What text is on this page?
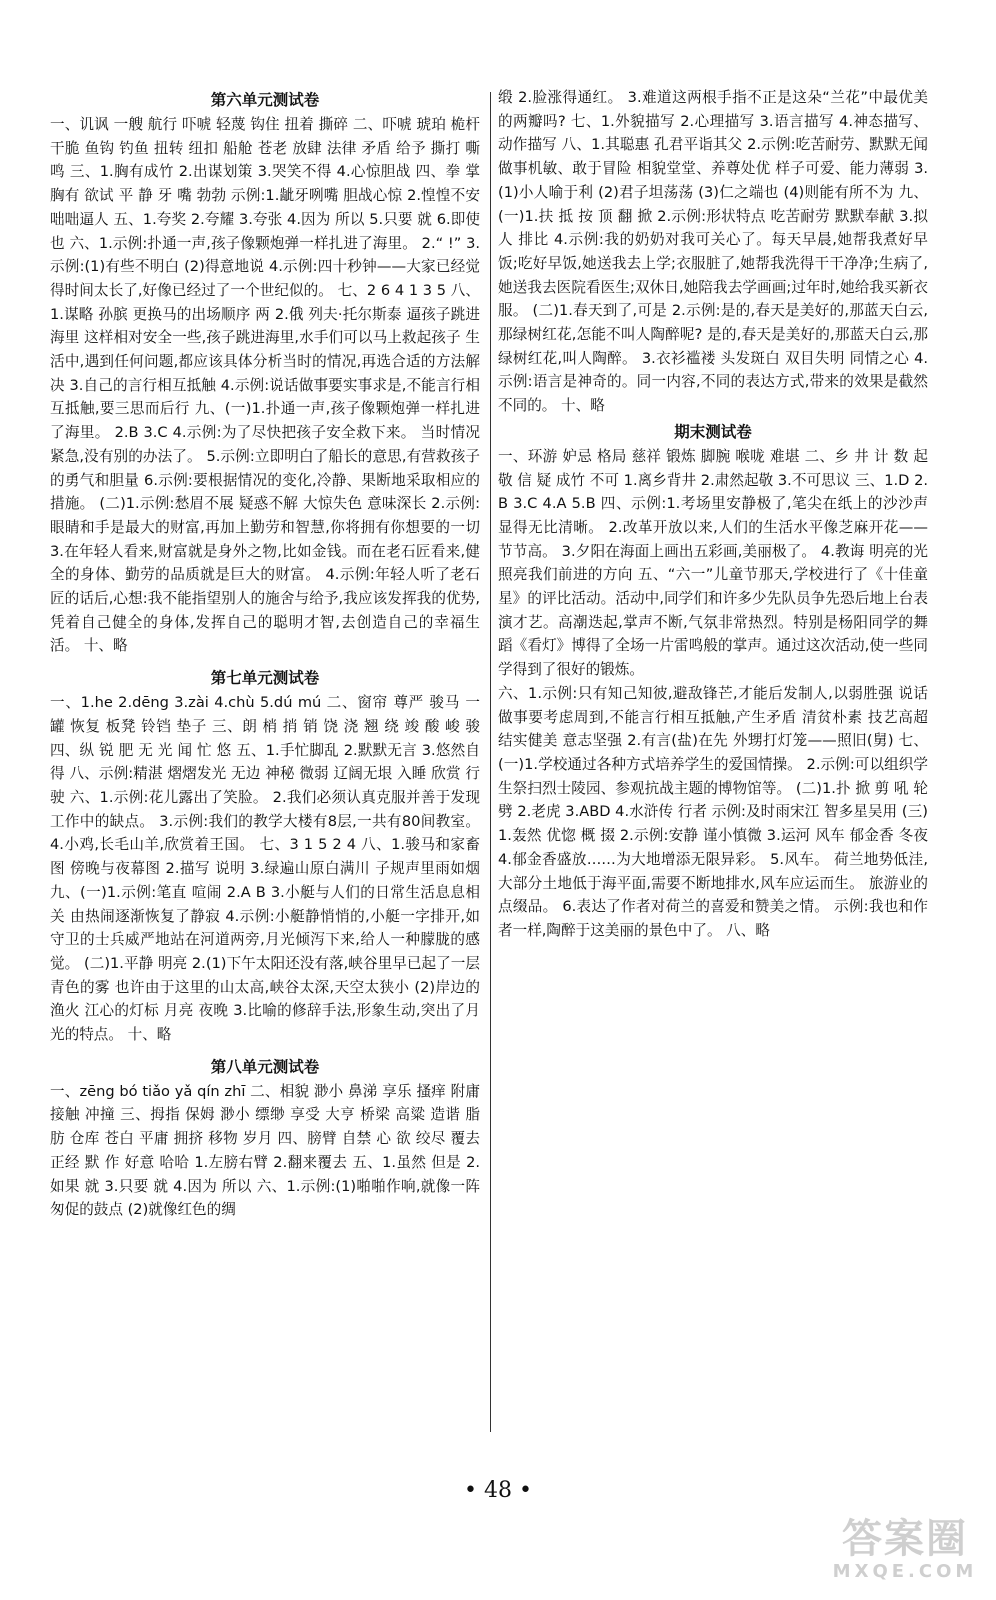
第六单元测试卷

一、讥讽 一艘 航行 吓唬 轻蔑 钩住 扭着 撕碎 二、吓唬 琥珀 桅杆 干脆 鱼钩 钓鱼 扭转 纽扣 船舱 苍老 放肆 法律 矛盾 给予 撕打 嘶鸣 三、1.胸有成竹 2.出谋划策 3.哭笑不得 4.心惊胆战 四、拳 掌 胸有 欲试 平 静 牙 嘴 勃勃 示例:1.龇牙咧嘴 胆战心惊 2.惶惶不安 咄咄逼人 五、1.夸奖 2.夸耀 3.夸张 4.因为 所以 5.只要 就 6.即使 也 六、1.示例:扑通一声,孩子像颗炮弹一样扎进了海里。 2.“ !” 3.示例:(1)有些不明白 (2)得意地说 4.示例:四十秒钟——大家已经觉得时间太长了,好像已经过了一个世纪似的。 七、2 6 4 1 3 5 八、1.谋略 孙膑 更换马的出场顺序 两 2.俄 列夫·托尔斯泰 逼孩子跳进海里 这样相对安全一些,孩子跳进海里,水手们可以马上救起孩子 生活中,遇到任何问题,都应该具体分析当时的情况,再选合适的方法解决 3.自己的言行相互抵触 4.示例:说话做事要实事求是,不能言行相互抵触,要三思而后行 九、(一)1.扑通一声,孩子像颗炮弹一样扎进了海里。 2.B 3.C 4.示例:为了尽快把孩子安全救下来。 当时情况紧急,没有别的办法了。 5.示例:立即明白了船长的意思,有营救孩子的勇气和胆量 6.示例:要根据情况的变化,冷静、果断地采取相应的措施。 (二)1.示例:愁眉不展 疑惑不解 大惊失色 意味深长 2.示例:眼睛和手是最大的财富,再加上勤劳和智慧,你将拥有你想要的一切 3.在年轻人看来,财富就是身外之物,比如金钱。而在老石匠看来,健全的身体、勤劳的品质就是巨大的财富。 4.示例:年轻人听了老石匠的话后,心想:我不能指望别人的施舍与给予,我应该发挥我的优势,凭着自己健全的身体,发挥自己的聪明才智,去创造自己的幸福生活。 十、略

第七单元测试卷

一、1.he 2.dēng 3.zài 4.chù 5.dú mú 二、窗帘 尊严 骏马 一罐 恢复 板凳 铃铛 垫子 三、朗 梢 捎 销 饶 浇 翘 绕 竣 酸 峻 骏 四、纵 锐 肥 无 光 闻 忙 悠 五、1.手忙脚乱 2.默默无言 3.悠然自得 八、示例:精湛 熠熠发光 无边 神秘 微弱 辽阔无垠 入睡 欣赏 行驶 六、1.示例:花儿露出了笑脸。 2.我们必须认真克服并善于发现工作中的缺点。 3.示例:我们的教学大楼有8层,一共有80间教室。 4.小鸡,长毛山羊,欣赏着王国。 七、3 1 5 2 4 八、1.骏马和家畜图 傍晚与夜幕图 2.描写 说明 3.绿遍山原白满川 子规声里雨如烟 九、(一)1.示例:笔直 喧闹 2.A B 3.小艇与人们的日常生活息息相关 由热闹逐渐恢复了静寂 4.示例:小艇静悄悄的,小艇一字排开,如守卫的士兵威严地站在河道两旁,月光倾泻下来,给人一种朦胧的感觉。 (二)1.平静 明亮 2.(1)下午太阳还没有落,峡谷里早已起了一层青色的雾 也许由于这里的山太高,峡谷太深,天空太狭小 (2)岸边的渔火 江心的灯标 月亮 夜晚 3.比喻的修辞手法,形象生动,突出了月光的特点。 十、略

第八单元测试卷

一、zēng bó tiǎo yǎ qín zhī 二、相貌 渺小 鼻涕 享乐 搔痒 附庸 接触 冲撞 三、拇指 保姆 渺小 缥缈 享受 大亨 桥梁 高粱 造谐 脂肪 仓库 苍白 平庸 拥挤 移物 岁月 四、膀臂 自禁 心 欲 绞尽 覆去 正经 默 作 好意 哈哈 1.左膀右臂 2.翻来覆去 五、1.虽然 但是 2.如果 就 3.只要 就 4.因为 所以 六、1.示例:(1)啪啪作响,就像一阵匆促的鼓点 (2)就像红色的绸

缎 2.脸涨得通红。 3.难道这两根手指不正是这朵“兰花”中最优美的两瓣吗? 七、1.外貌描写 2.心理描写 3.语言描写 4.神态描写、动作描写 八、1.其聪惠 孔君平诣其父 2.示例:吃苦耐劳、默默无闻 做事机敏、敢于冒险 相貌堂堂、养尊处优 样子可爱、能力薄弱 3.(1)小人喻于利 (2)君子坦荡荡 (3)仁之端也 (4)则能有所不为 九、(一)1.扶 抵 按 顶 翻 掀 2.示例:形状特点 吃苦耐劳 默默奉献 3.拟人 排比 4.示例:我的奶奶对我可关心了。每天早晨,她帮我煮好早饭;吃好早饭,她送我去上学;衣服脏了,她帮我洗得干干净净;生病了,她送我去医院看医生;双休日,她陪我去学画画;过年时,她给我买新衣服。 (二)1.春天到了,可是 2.示例:是的,春天是美好的,那蓝天白云,那绿树红花,怎能不叫人陶醉呢? 是的,春天是美好的,那蓝天白云,那绿树红花,叫人陶醉。 3.衣衫褴褛 头发斑白 双目失明 同情之心 4.示例:语言是神奇的。同一内容,不同的表达方式,带来的效果是截然不同的。 十、略

期末测试卷

一、环游 妒忌 格局 慈祥 锻炼 脚腕 喉咙 难堪 二、乡 井 计 数 起敬 信 疑 成竹 不可 1.离乡背井 2.肃然起敬 3.不可思议 三、1.D 2.B 3.C 4.A 5.B 四、示例:1.考场里安静极了,笔尖在纸上的沙沙声显得无比清晰。 2.改革开放以来,人们的生活水平像芝麻开花——节节高。 3.夕阳在海面上画出五彩画,美丽极了。 4.教诲 明亮的光 照亮我们前进的方向 五、“六一”儿童节那天,学校进行了《十佳童星》的评比活动。活动中,同学们和许多少先队员争先恐后地上台表演才艺。高潮迭起,掌声不断,气氛非常热烈。特别是杨阳同学的舞蹈《看灯》博得了全场一片雷鸣般的掌声。通过这次活动,使一些同学得到了很好的锻炼。

六、1.示例:只有知己知彼,避敌锋芒,才能后发制人,以弱胜强 说话做事要考虑周到,不能言行相互抵触,产生矛盾 清贫朴素 技艺高超 结实健美 意志坚强 2.有言(盐)在先 外甥打灯笼——照旧(舅) 七、(一)1.学校通过各种方式培养学生的爱国情操。 2.示例:可以组织学生祭扫烈士陵园、参观抗战主题的博物馆等。 (二)1.扑 掀 剪 吼 轮 劈 2.老虎 3.ABD 4.水浒传 行者 示例:及时雨宋江 智多星吴用 (三)1.轰然 优惚 概 掇 2.示例:安静 谨小慎微 3.运河 风车 郁金香 冬夜 4.郁金香盛放……为大地增添无限异彩。 5.风车。 荷兰地势低洼,大部分土地低于海平面,需要不断地排水,风车应运而生。 旅游业的点缀品。 6.表达了作者对荷兰的喜爱和赞美之情。 示例:我也和作者一样,陶醉于这美丽的景色中了。 八、略

• 48 •
答案圈
MXQE.COM
